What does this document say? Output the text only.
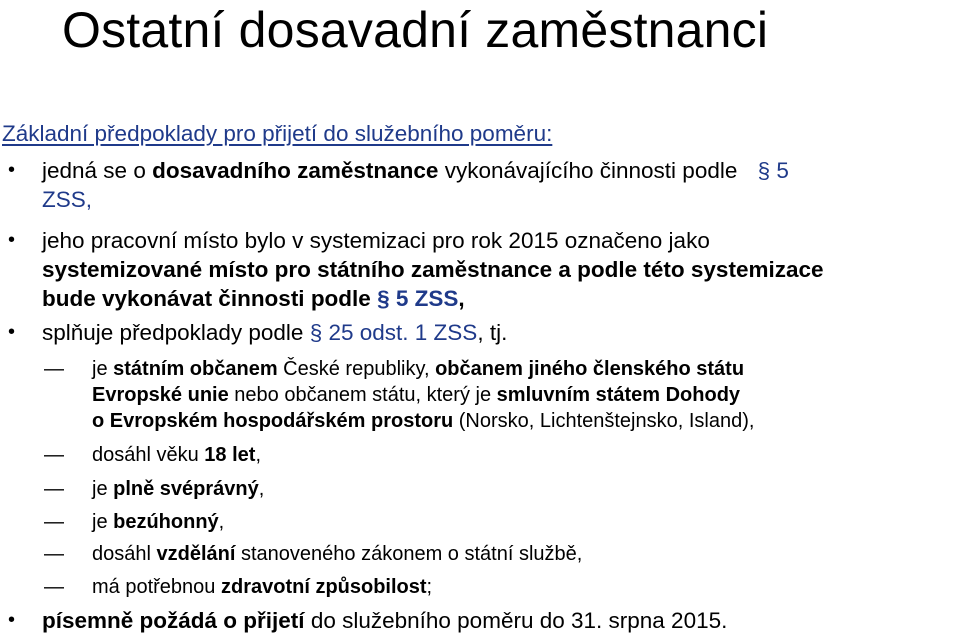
Ostatní dosavadní zaměstnanci

Základní předpoklady pro přijetí do služebního poměru:

• jedná se o dosavadního zaměstnance vykonávajícího činnosti podle § 5
ZSS,
• jeho pracovní místo bylo v systemizaci pro rok 2015 označeno jako
systemizované místo pro státního zaměstnance a podle této systemizace
bude vykonávat činnosti podle § 5 ZSS,
• splňuje předpoklady podle § 25 odst. 1 ZSS, tj.
— je státním občanem České republiky, občanem jiného členského státu
Evropské unie nebo občanem státu, který je smluvním státem Dohody
o Evropském hospodářském prostoru (Norsko, Lichtenštejnsko, Island),
— dosáhl věku 18 let,
— je plně svéprávný,
— je bezúhonný,
— dosáhl vzdělání stanoveného zákonem o státní službě,
— má potřebnou zdravotní způsobilost;
• písemně požádá o přijetí do služebního poměru do 31. srpna 2015.
